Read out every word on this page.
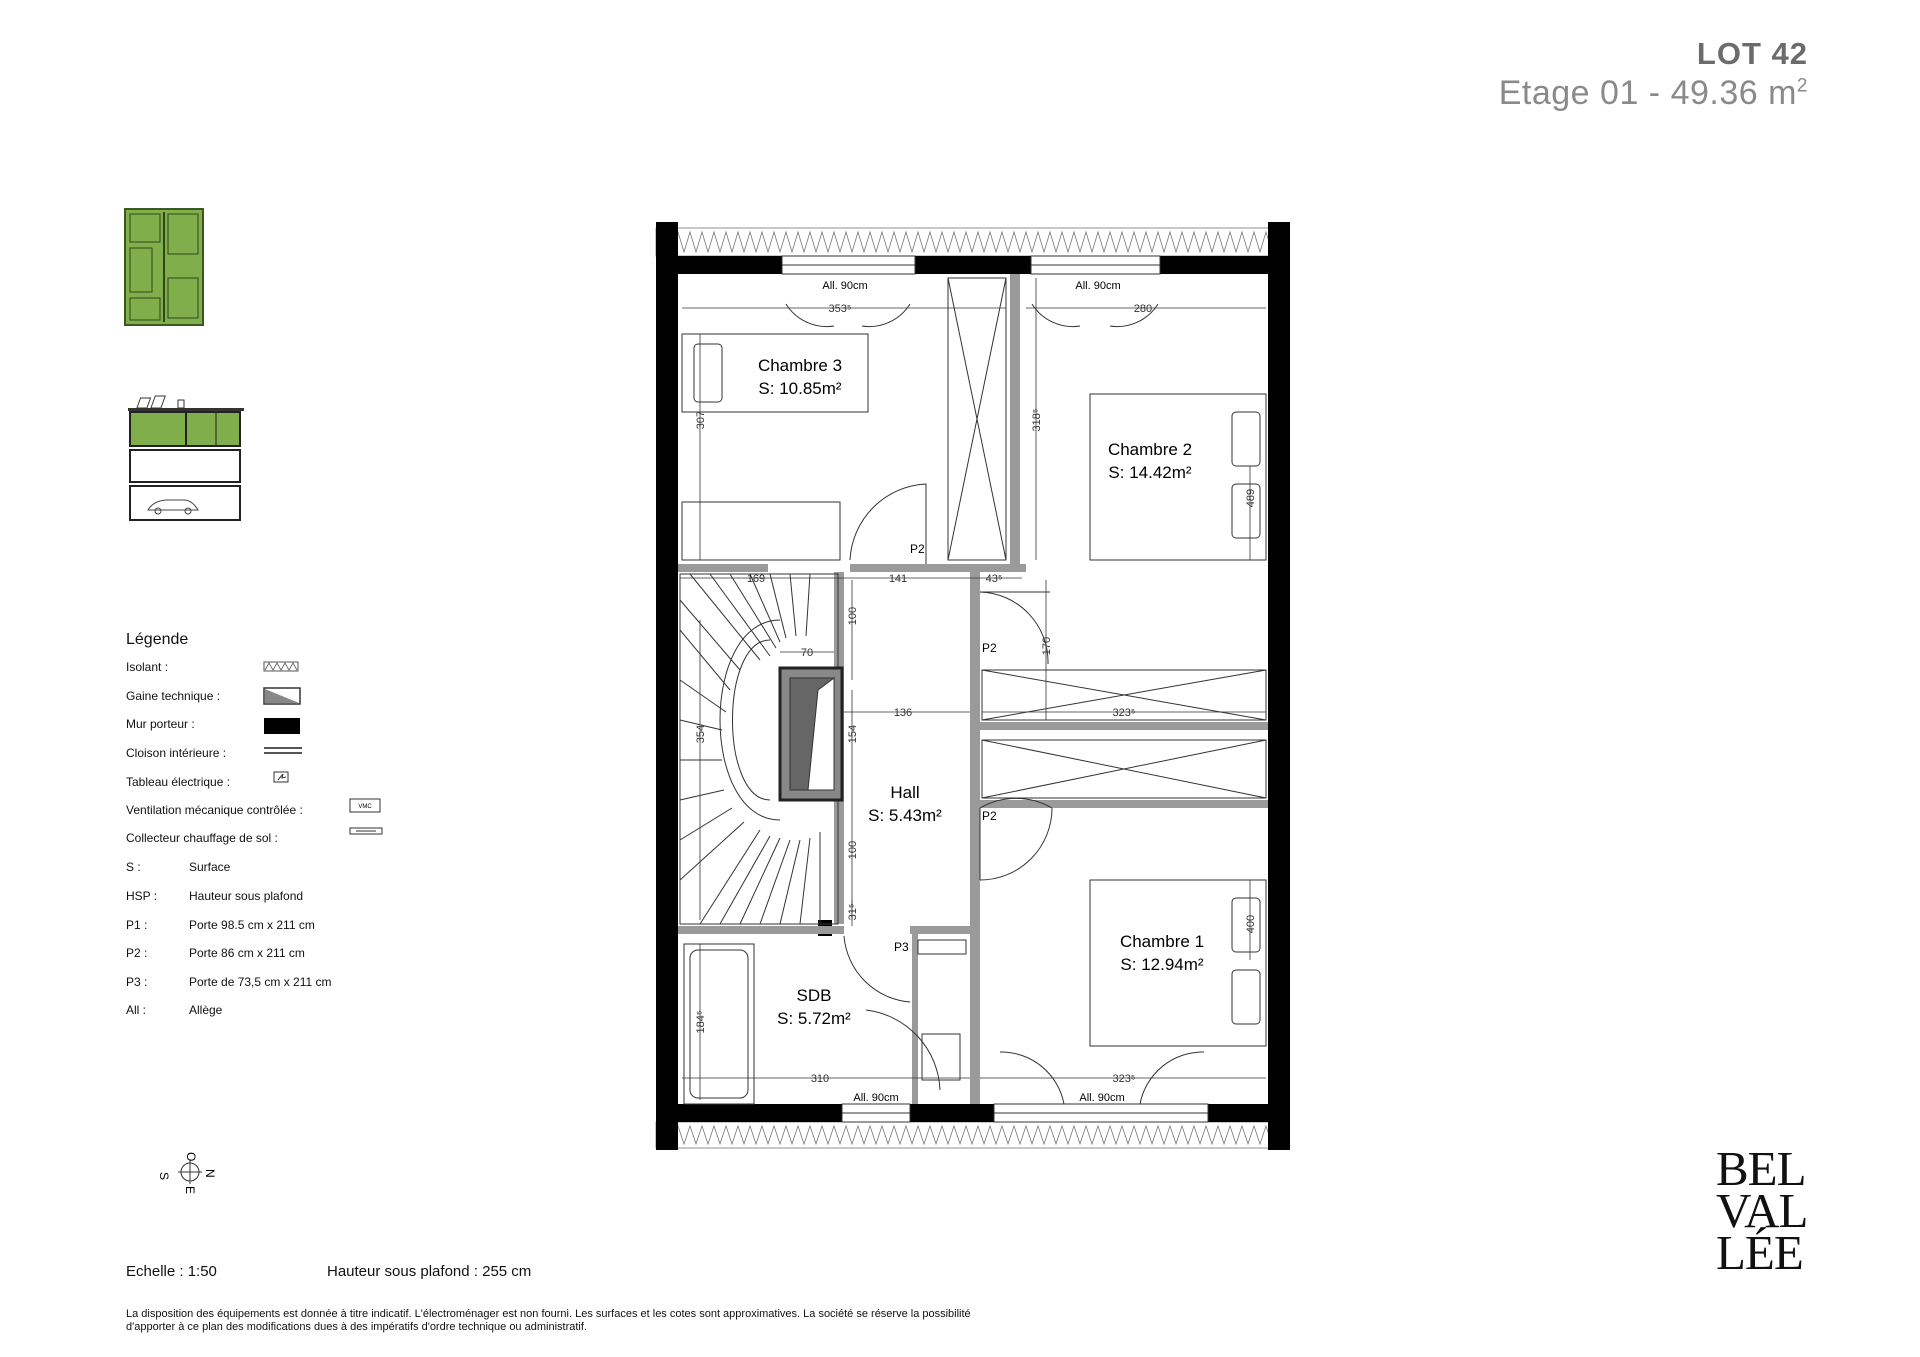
LOT 42
Etage 01 - 49.36 $m^2$
Légende
Isolant :
Gaine technique :
Mur porteur :
Cloison intérieure :
Tableau électrique :
Ventilation mécanique contrôlée :
Collecteur chauffage de sol :
VMC
S :	Surface
HSP :	Hauteur sous plafond
P1 :	Porte 98.5 cm x 211 cm
P2 :	Porte 86 cm x 211 cm
P3 :	Porte de 73,5 cm x 211 cm
All :	Allège
S
O
E
N
Chambre 3
S: 10.85m²
Chambre 2
S: 14.42m²
Hall
S: 5.43m²
Chambre 1
S: 12.94m²
SDB
S: 5.72m²
All. 90cm	All. 90cm
All. 90cm	All. 90cm
P2
P2
P2
P3
353⁵	280
307	318⁵
489
169	141	43⁵
100
170
70
136
354	154
323⁵
100
31⁵
400
184⁵
310	323⁵
Echelle : 1:50	Hauteur sous plafond : 255 cm
La disposition des équipements est donnée à titre indicatif. L'électroménager est non fourni. Les surfaces et les cotes sont approximatives. La société se réserve la possibilité
d'apporter à ce plan des modifications dues à des impératifs d'ordre technique ou administratif.
BEL
VAL
LÉE
